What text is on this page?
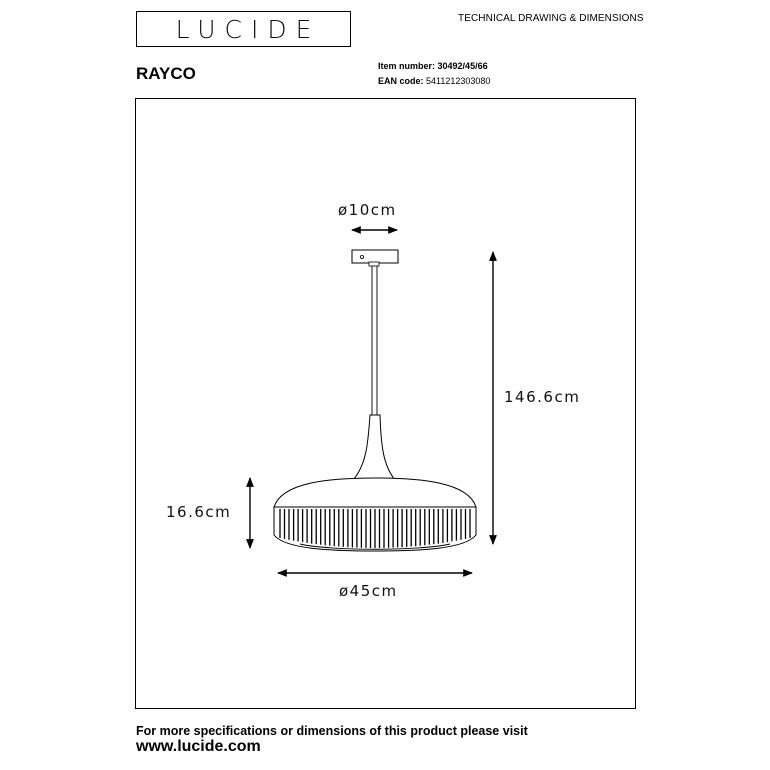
LUCIDE	TECHNICAL DRAWING & DIMENSIONS
RAYCO	Item number: 30492/45/66
EAN code: 5411212303080
ø10cm
146.6cm
16.6cm
ø45cm
For more specifications or dimensions of this product please visit
www.lucide.com
